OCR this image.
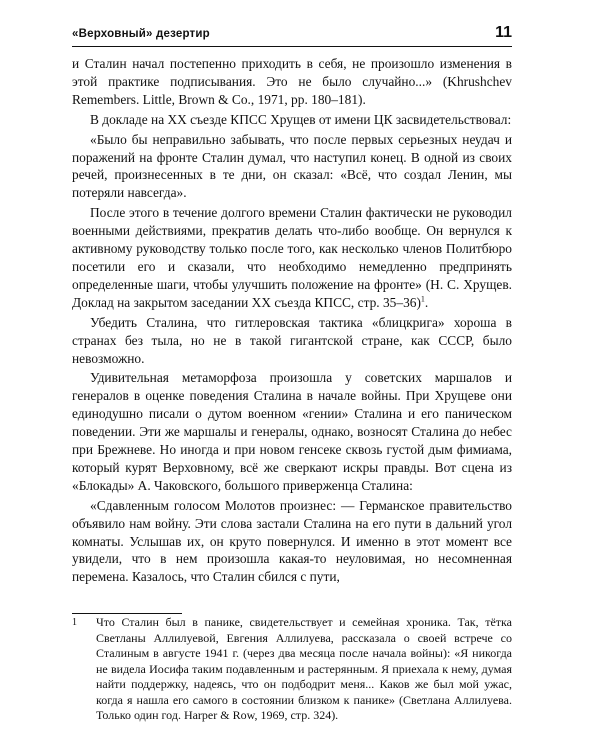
«Верховный» дезертир	11

и Сталин начал постепенно приходить в себя, не произошло изменения в этой практике подписывания. Это не было случайно...» (Khrushchev Remembers. Little, Brown & Co., 1971, pp. 180–181).

В докладе на XX съезде КПСС Хрущев от имени ЦК засвидетельствовал:

«Было бы неправильно забывать, что после первых серьезных неудач и поражений на фронте Сталин думал, что наступил конец. В одной из своих речей, произнесенных в те дни, он сказал: «Всё, что создал Ленин, мы потеряли навсегда».

После этого в течение долгого времени Сталин фактически не руководил военными действиями, прекратив делать что-либо вообще. Он вернулся к активному руководству только после того, как несколько членов Политбюро посетили его и сказали, что необходимо немедленно предпринять определенные шаги, чтобы улучшить положение на фронте» (Н. С. Хрущев. Доклад на закрытом заседании XX съезда КПСС, стр. 35–36)$^1$.

Убедить Сталина, что гитлеровская тактика «блицкрига» хороша в странах без тыла, но не в такой гигантской стране, как СССР, было невозможно.

Удивительная метаморфоза произошла у советских маршалов и генералов в оценке поведения Сталина в начале войны. При Хрущеве они единодушно писали о дутом военном «гении» Сталина и его паническом поведении. Эти же маршалы и генералы, однако, возносят Сталина до небес при Брежневе. Но иногда и при новом генсеке сквозь густой дым фимиама, который курят Верховному, всё же сверкают искры правды. Вот сцена из «Блокады» А. Чаковского, большого приверженца Сталина:

«Сдавленным голосом Молотов произнес: — Германское правительство объявило нам войну. Эти слова застали Сталина на его пути в дальний угол комнаты. Услышав их, он круто повернулся. И именно в этот момент все увидели, что в нем произошла какая-то неуловимая, но несомненная перемена. Казалось, что Сталин сбился с пути,

1	Что Сталин был в панике, свидетельствует и семейная хроника. Так, тётка Светланы Аллилуевой, Евгения Аллилуева, рассказала о своей встрече со Сталиным в августе 1941 г. (через два месяца после начала войны): «Я никогда не видела Иосифа таким подавленным и растерянным. Я приехала к нему, думая найти поддержку, надеясь, что он подбодрит меня... Каков же был мой ужас, когда я нашла его самого в состоянии близком к панике» (Светлана Аллилуева. Только один год. Harper & Row, 1969, стр. 324).
